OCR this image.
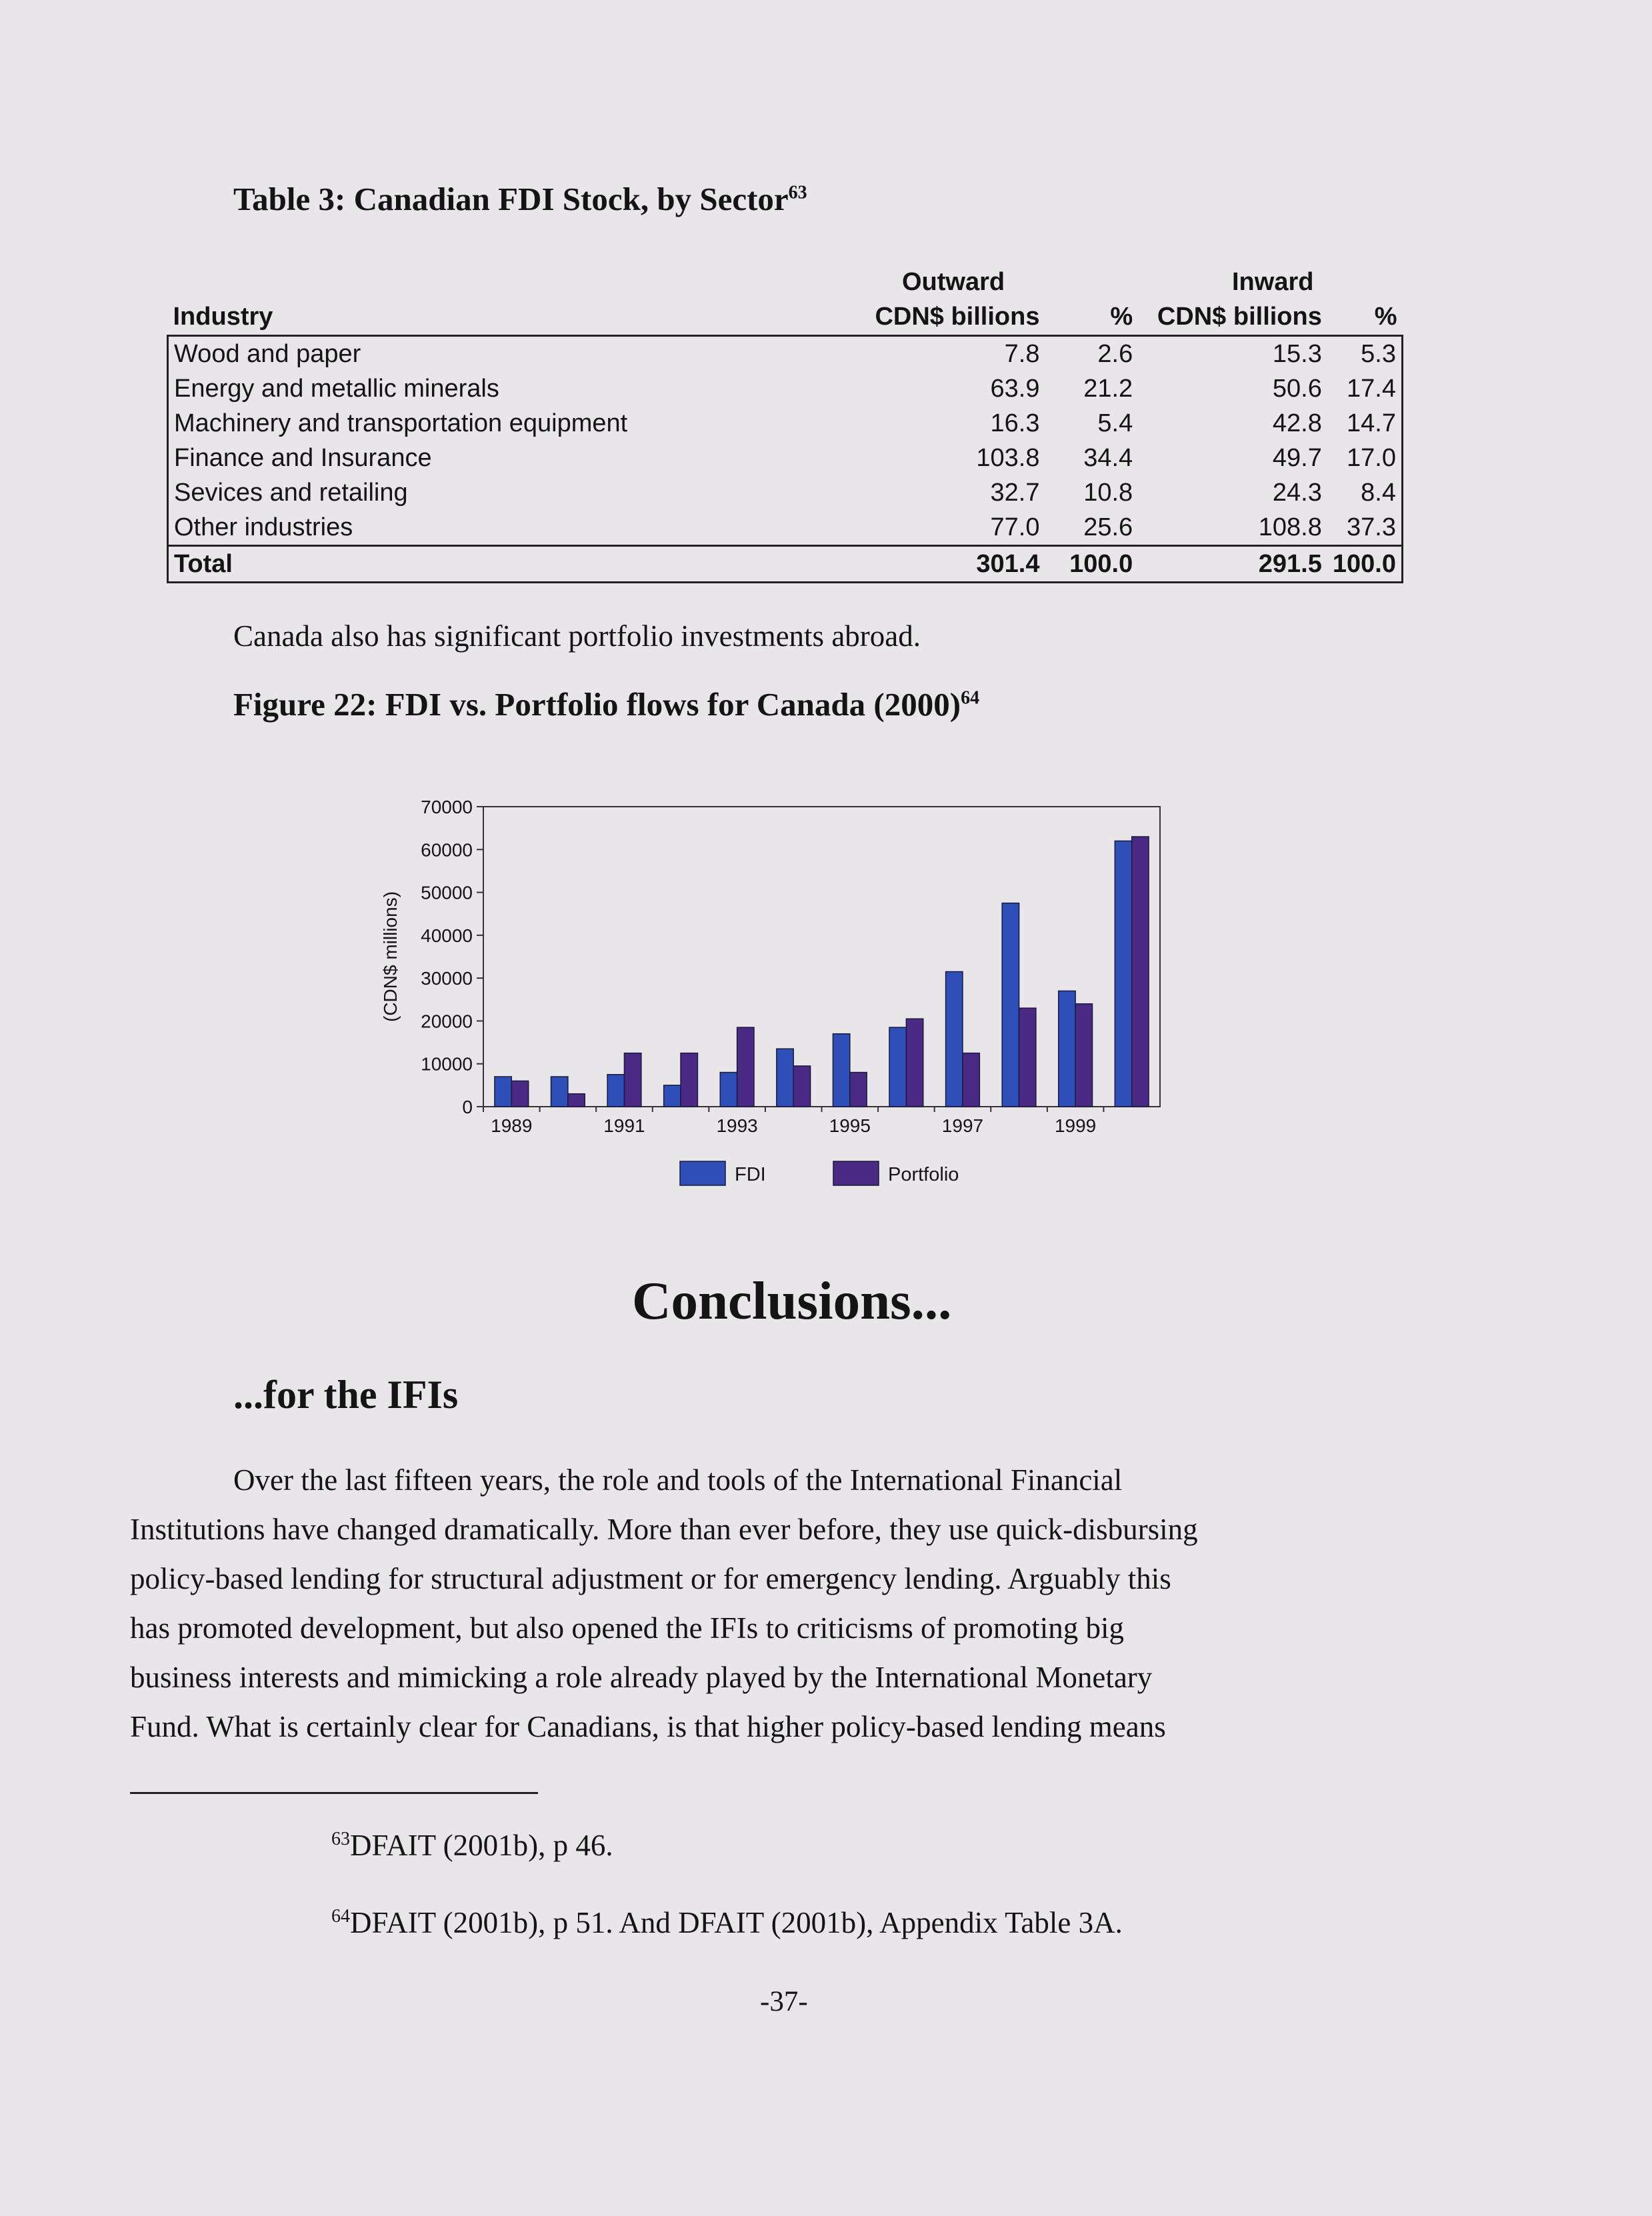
Table 3: Canadian FDI Stock, by Sector$^{63}$
Outward	Inward
Industry	CDN$ billions	%	CDN$ billions	%
Wood and paper	7.8	2.6	15.3	5.3
Energy and metallic minerals	63.9	21.2	50.6	17.4
Machinery and transportation equipment	16.3	5.4	42.8	14.7
Finance and Insurance	103.8	34.4	49.7	17.0
Sevices and retailing	32.7	10.8	24.3	8.4
Other industries	77.0	25.6	108.8	37.3
Total	301.4	100.0	291.5	100.0
Canada also has significant portfolio investments abroad.
Figure 22: FDI vs. Portfolio flows for Canada $(2000)^{64}$
0
10000
20000
30000
40000
50000
60000
70000
(CDN$ millions)
1989	1991	1993	1995	1997	1999
FDI	Portfolio
Conclusions...
...for the IFIs
Over the last fifteen years, the role and tools of the International Financial
Institutions have changed dramatically. More than ever before, they use quick-disbursing
policy-based lending for structural adjustment or for emergency lending. Arguably this
has promoted development, but also opened the IFIs to criticisms of promoting big
business interests and mimicking a role already played by the International Monetary
Fund. What is certainly clear for Canadians, is that higher policy-based lending means
$^{63}$DFAIT (2001b), p 46.
$^{64}$DFAIT (2001b), p 51. And DFAIT (2001b), Appendix Table 3A.
-37-
